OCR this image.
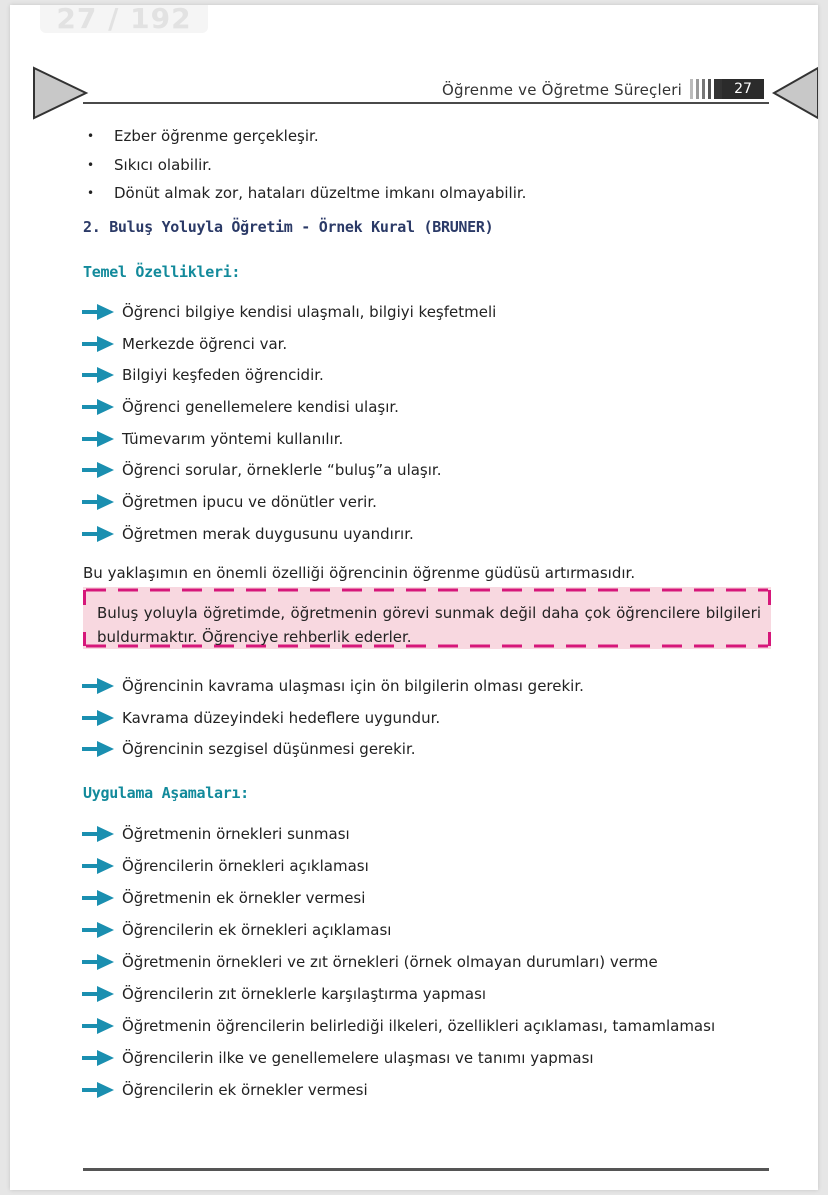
27 / 192
Öğrenme ve Öğretme Süreçleri	27
• Ezber öğrenme gerçekleşir.
• Sıkıcı olabilir.
• Dönüt almak zor, hataları düzeltme imkanı olmayabilir.
2. Buluş Yoluyla Öğretim - Örnek Kural (BRUNER)
Temel Özellikleri:
Öğrenci bilgiye kendisi ulaşmalı, bilgiyi keşfetmeli
Merkezde öğrenci var.
Bilgiyi keşfeden öğrencidir.
Öğrenci genellemelere kendisi ulaşır.
Tümevarım yöntemi kullanılır.
Öğrenci sorular, örneklerle “buluş”a ulaşır.
Öğretmen ipucu ve dönütler verir.
Öğretmen merak duygusunu uyandırır.
Bu yaklaşımın en önemli özelliği öğrencinin öğrenme güdüsü artırmasıdır.
Buluş yoluyla öğretimde, öğretmenin görevi sunmak değil daha çok öğrencilere bilgileri buldurmaktır. Öğrenciye rehberlik ederler.
Öğrencinin kavrama ulaşması için ön bilgilerin olması gerekir.
Kavrama düzeyindeki hedeflere uygundur.
Öğrencinin sezgisel düşünmesi gerekir.
Uygulama Aşamaları:
Öğretmenin örnekleri sunması
Öğrencilerin örnekleri açıklaması
Öğretmenin ek örnekler vermesi
Öğrencilerin ek örnekleri açıklaması
Öğretmenin örnekleri ve zıt örnekleri (örnek olmayan durumları) verme
Öğrencilerin zıt örneklerle karşılaştırma yapması
Öğretmenin öğrencilerin belirlediği ilkeleri, özellikleri açıklaması, tamamlaması
Öğrencilerin ilke ve genellemelere ulaşması ve tanımı yapması
Öğrencilerin ek örnekler vermesi
